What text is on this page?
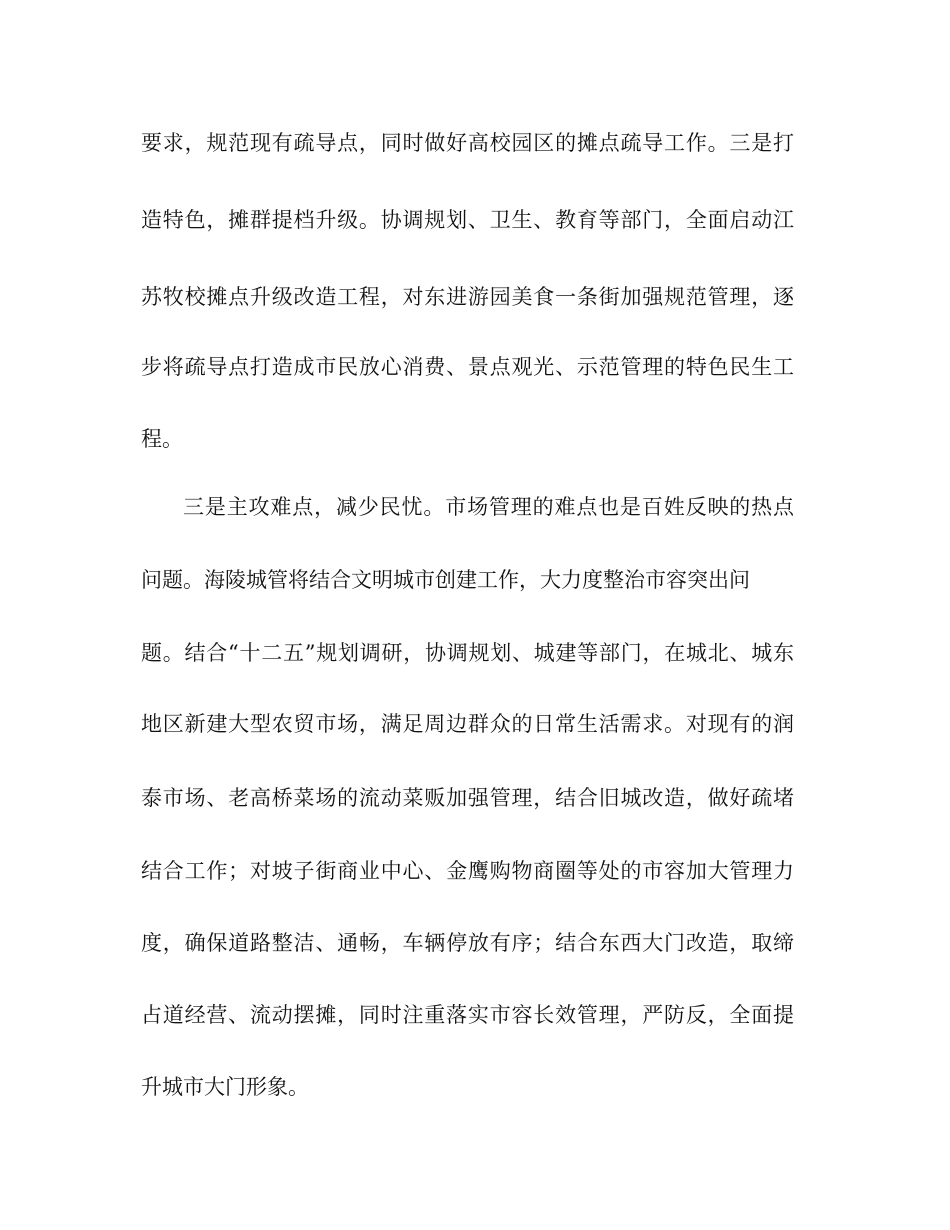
要求，规范现有疏导点，同时做好高校园区的摊点疏导工作。三是打
造特色，摊群提档升级。协调规划、卫生、教育等部门，全面启动江
苏牧校摊点升级改造工程，对东进游园美食一条街加强规范管理，逐
步将疏导点打造成市民放心消费、景点观光、示范管理的特色民生工
程。
三是主攻难点，减少民忧。市场管理的难点也是百姓反映的热点
问题。海陵城管将结合文明城市创建工作，大力度整治市容突出问
题。结合“十二五”规划调研，协调规划、城建等部门，在城北、城东
地区新建大型农贸市场，满足周边群众的日常生活需求。对现有的润
泰市场、老高桥菜场的流动菜贩加强管理，结合旧城改造，做好疏堵
结合工作；对坡子街商业中心、金鹰购物商圈等处的市容加大管理力
度，确保道路整洁、通畅，车辆停放有序；结合东西大门改造，取缔
占道经营、流动摆摊，同时注重落实市容长效管理，严防反，全面提
升城市大门形象。
